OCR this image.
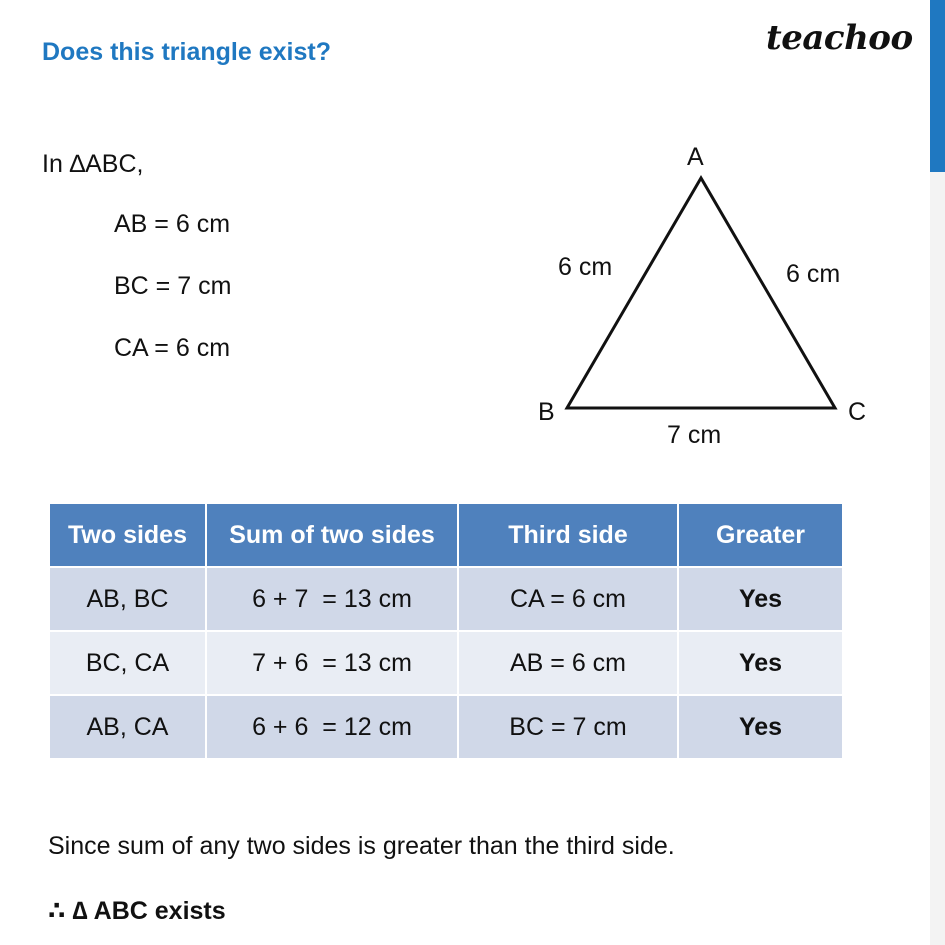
Does this triangle exist?	teachoo
In ∆ABC,
AB = 6 cm
BC = 7 cm
CA = 6 cm
A
B	C
6 cm	6 cm
7 cm
Two sides	Sum of two sides	Third side	Greater
AB, BC	6 + 7  = 13 cm	CA = 6 cm	Yes
BC, CA	7 + 6  = 13 cm	AB = 6 cm	Yes
AB, CA	6 + 6  = 12 cm	BC = 7 cm	Yes
Since sum of any two sides is greater than the third side.
∴ ∆ ABC exists
